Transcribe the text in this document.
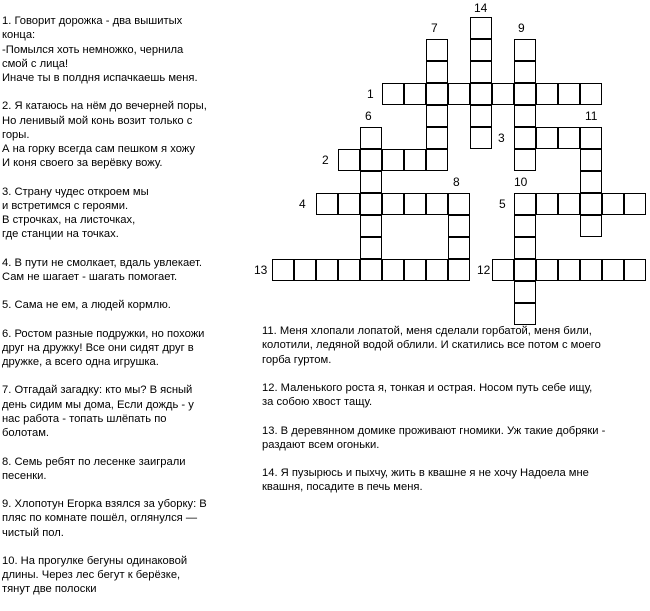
1
2
3
4	5
6
7
8
9
10
11
12
13
14

1. Говорит дорожка - два вышитых
конца:
-Помылся хоть немножко, чернила
смой с лица!
Иначе ты в полдня испачкаешь меня.

2. Я катаюсь на нём до вечерней поры,
Но ленивый мой конь возит только с
горы.
А на горку всегда сам пешком я хожу
И коня своего за верёвку вожу.

3. Страну чудес откроем мы
и встретимся с героями.
В строчках, на листочках,
где станции на точках.

4. В пути не смолкает, вдаль увлекает.
Сам не шагает - шагать помогает.

5. Сама не ем, а людей кормлю.

6. Ростом разные подружки, но похожи
друг на дружку! Все они сидят друг в
дружке, а всего одна игрушка.

7. Отгадай загадку: кто мы? В ясный
день сидим мы дома, Если дождь - у
нас работа - топать шлёпать по
болотам.

8. Семь ребят по лесенке заиграли
песенки.

9. Хлопотун Егорка взялся за уборку: В
пляс по комнате пошёл, оглянулся —
чистый пол.

10. На прогулке бегуны одинаковой
длины. Через лес бегут к берёзке,
тянут две полоски

11. Меня хлопали лопатой, меня сделали горбатой, меня били,
колотили, ледяной водой облили. И скатились все потом с моего
горба гуртом.

12. Маленького роста я, тонкая и острая. Носом путь себе ищу,
за собою хвост тащу.

13. В деревянном домике проживают гномики. Уж такие добряки -
раздают всем огоньки.

14. Я пузырюсь и пыхчу, жить в квашне я не хочу Надоела мне
квашня, посадите в печь меня.
